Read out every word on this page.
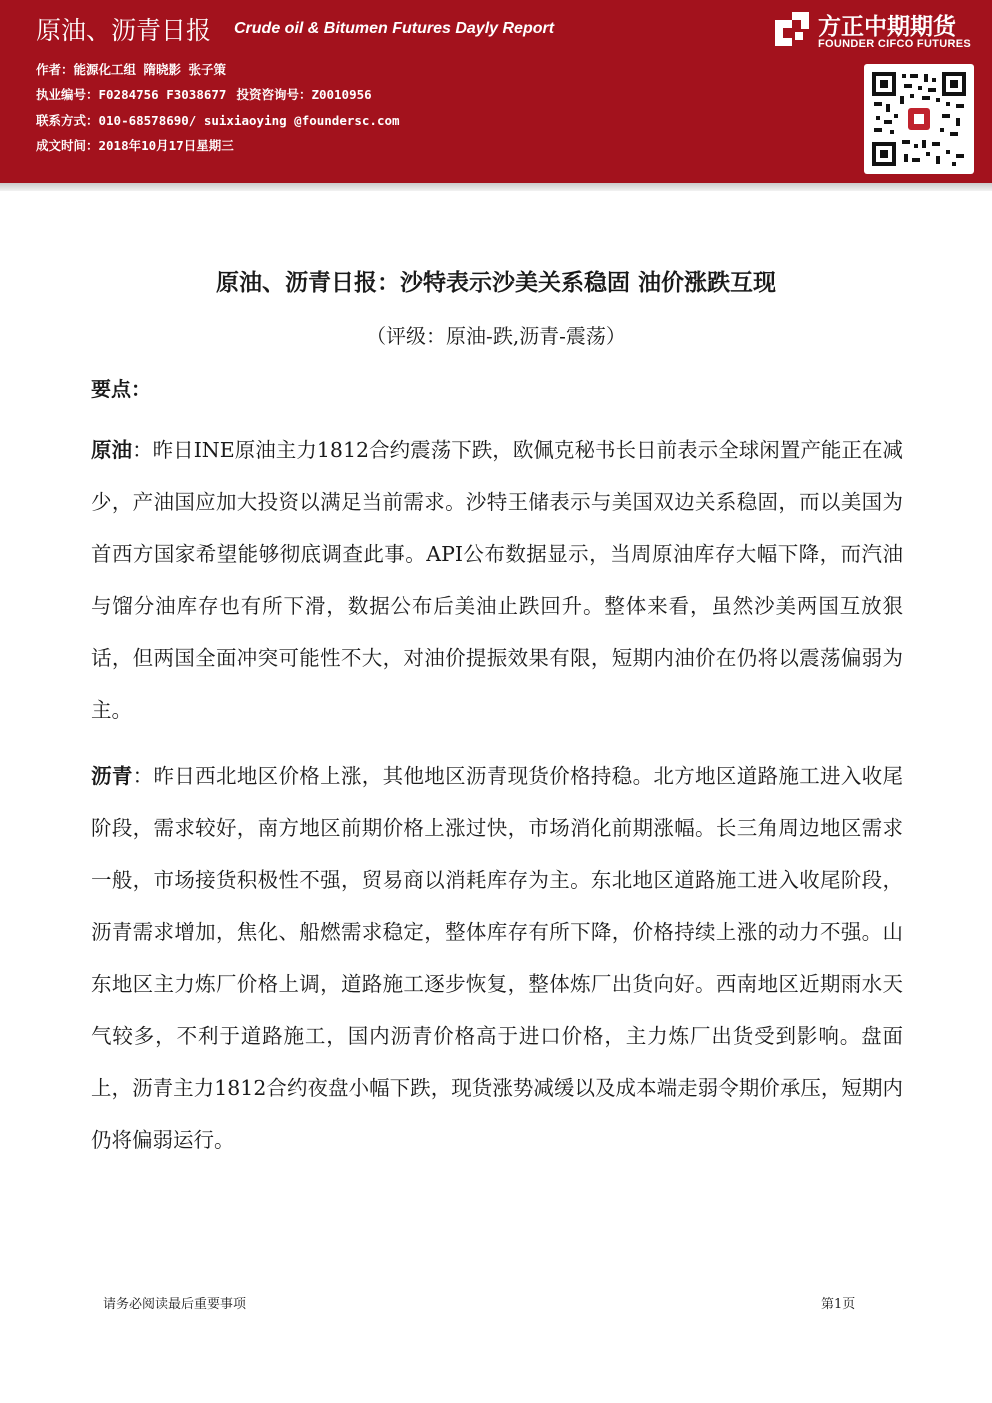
原油、沥青日报 Crude oil & Bitumen Futures Dayly Report
作者：能源化工组 隋晓影 张子策
执业编号：F0284756 F3038677 投资咨询号：Z0010956
联系方式：010-68578690/ suixiaoying @foundersc.com
成文时间：2018年10月17日星期三
方正中期期货
FOUNDER CIFCO FUTURES
原油、沥青日报：沙特表示沙美关系稳固 油价涨跌互现
（评级：原油-跌,沥青-震荡）
要点：

原油：昨日INE原油主力1812合约震荡下跌，欧佩克秘书长日前表示全球闲置产能正在减少，产油国应加大投资以满足当前需求。沙特王储表示与美国双边关系稳固，而以美国为首西方国家希望能够彻底调查此事。API公布数据显示，当周原油库存大幅下降，而汽油与馏分油库存也有所下滑，数据公布后美油止跌回升。整体来看，虽然沙美两国互放狠话，但两国全面冲突可能性不大，对油价提振效果有限，短期内油价在仍将以震荡偏弱为主。

沥青：昨日西北地区价格上涨，其他地区沥青现货价格持稳。北方地区道路施工进入收尾阶段，需求较好，南方地区前期价格上涨过快，市场消化前期涨幅。长三角周边地区需求一般，市场接货积极性不强，贸易商以消耗库存为主。东北地区道路施工进入收尾阶段，沥青需求增加，焦化、船燃需求稳定，整体库存有所下降，价格持续上涨的动力不强。山东地区主力炼厂价格上调，道路施工逐步恢复，整体炼厂出货向好。西南地区近期雨水天气较多，不利于道路施工，国内沥青价格高于进口价格，主力炼厂出货受到影响。盘面上，沥青主力1812合约夜盘小幅下跌，现货涨势减缓以及成本端走弱令期价承压，短期内仍将偏弱运行。

请务必阅读最后重要事项	第1页
